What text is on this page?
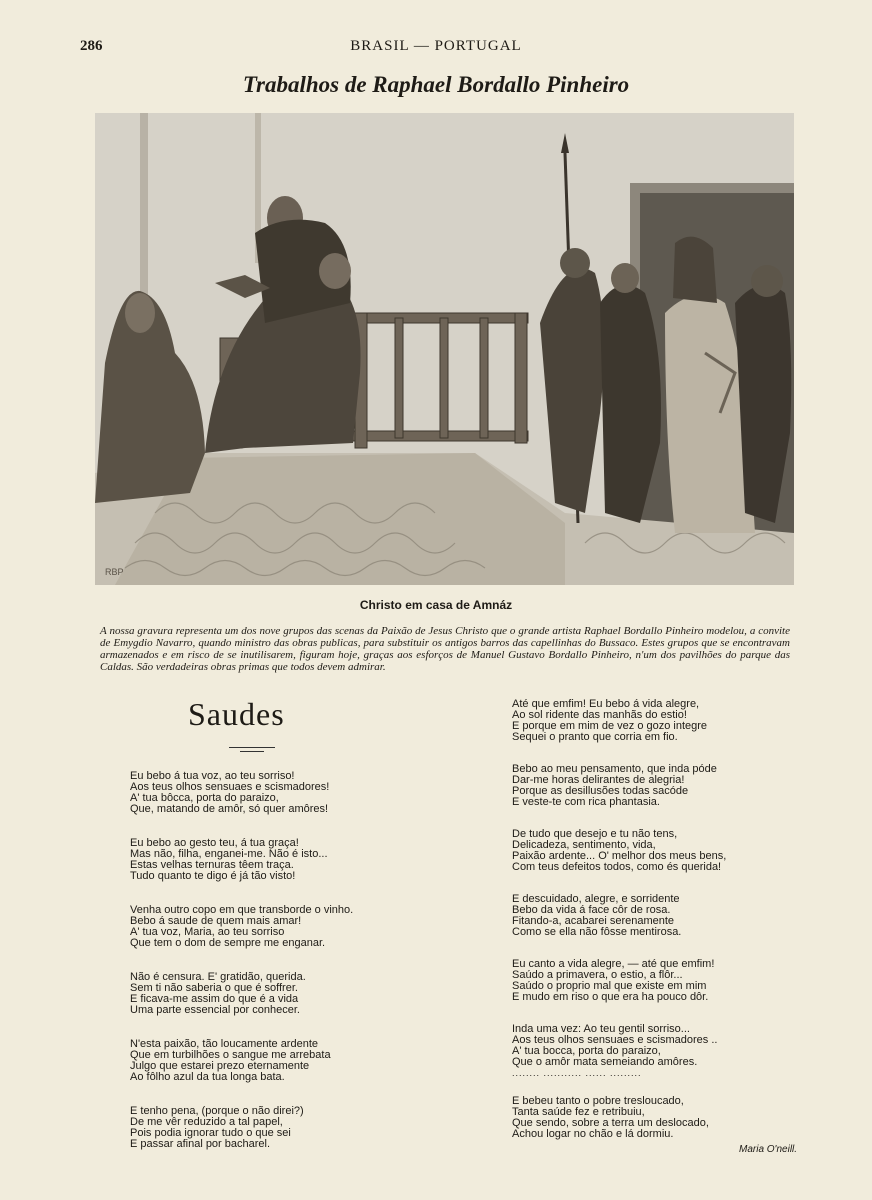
286	BRASIL — PORTUGAL
Trabalhos de Raphael Bordallo Pinheiro
RBP
Christo em casa de Amnáz
A nossa gravura representa um dos nove grupos das scenas da Paixão de Jesus Christo que o grande artista Raphael Bordallo Pinheiro modelou, a convite de Emygdio Navarro, quando ministro das obras publicas, para substituir os antigos barros das capellinhas do Bussaco. Estes grupos que se encontravam armazenados e em risco de se inutilisarem, figuram hoje, graças aos esforços de Manuel Gustavo Bordallo Pinheiro, n'um dos pavilhões do parque das Caldas. São verdadeiras obras primas que todos devem admirar.
Saudes
Eu bebo á tua voz, ao teu sorriso!
Aos teus olhos sensuaes e scismadores!
A' tua bôcca, porta do paraizo,
Que, matando de amôr, só quer amôres!
Eu bebo ao gesto teu, á tua graça!
Mas não, filha, enganei-me. Não é isto...
Estas velhas ternuras têem traça.
Tudo quanto te digo é já tão visto!
Venha outro copo em que transborde o vinho.
Bebo á saude de quem mais amar!
A' tua voz, Maria, ao teu sorriso
Que tem o dom de sempre me enganar.
Não é censura. E' gratidão, querida.
Sem ti não saberia o que é soffrer.
E ficava-me assim do que é a vida
Uma parte essencial por conhecer.
N'esta paixão, tão loucamente ardente
Que em turbilhões o sangue me arrebata
Julgo que estarei prezo eternamente
Ao fôlho azul da tua longa bata.
E tenho pena, (porque o não direi?)
De me vêr reduzido a tal papel,
Pois podia ignorar tudo o que sei
E passar afinal por bacharel.
Até que emfim! Eu bebo á vida alegre,
Ao sol ridente das manhãs do estio!
E porque em mim de vez o gozo integre
Sequei o pranto que corria em fio.
Bebo ao meu pensamento, que inda póde
Dar-me horas delirantes de alegria!
Porque as desillusões todas sacóde
E veste-te com rica phantasia.
De tudo que desejo e tu não tens,
Delicadeza, sentimento, vida,
Paixão ardente... O' melhor dos meus bens,
Com teus defeitos todos, como és querida!
E descuidado, alegre, e sorridente
Bebo da vida á face côr de rosa.
Fitando-a, acabarei serenamente
Como se ella não fôsse mentirosa.
Eu canto a vida alegre, — até que emfim!
Saúdo a primavera, o estio, a flôr...
Saúdo o proprio mal que existe em mim
E mudo em riso o que era ha pouco dôr.
Inda uma vez: Ao teu gentil sorriso...
Aos teus olhos sensuaes e scismadores ..
A' tua bocca, porta do paraizo,
Que o amôr mata semeiando amôres.
........ ........... ...... .........
E bebeu tanto o pobre tresloucado,
Tanta saúde fez e retribuiu,
Que sendo, sobre a terra um deslocado,
Achou logar no chão e lá dormiu.
Maria O'neill.
